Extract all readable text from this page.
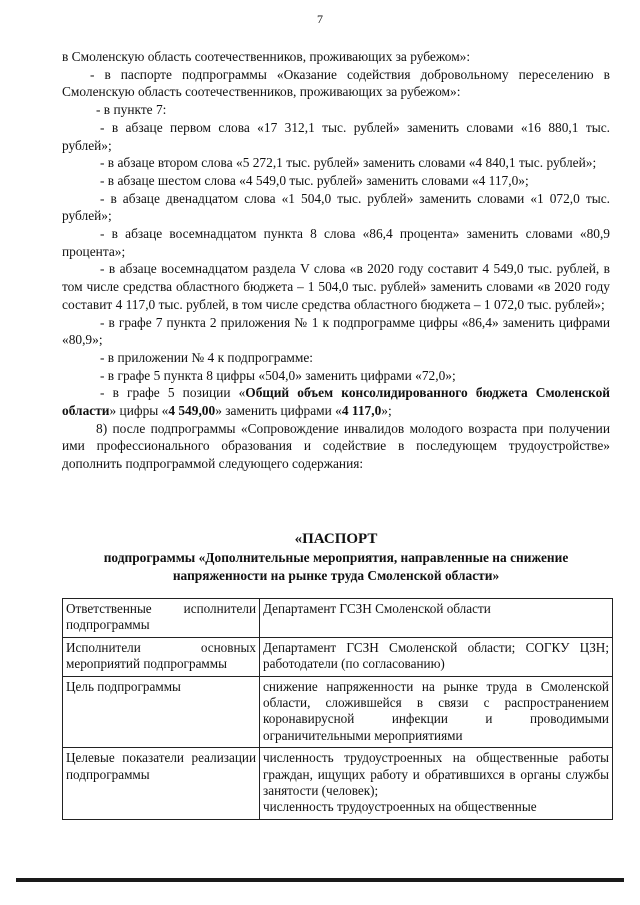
7

в Смоленскую область соотечественников, проживающих за рубежом»:

- в паспорте подпрограммы «Оказание содействия добровольному переселению в Смоленскую область соотечественников, проживающих за рубежом»:

- в пункте 7:

- в абзаце первом слова «17 312,1 тыс. рублей» заменить словами «16 880,1 тыс. рублей»;

- в абзаце втором слова «5 272,1 тыс. рублей» заменить словами «4 840,1 тыс. рублей»;

- в абзаце шестом слова «4 549,0 тыс. рублей» заменить словами «4 117,0»;

- в абзаце двенадцатом слова «1 504,0 тыс. рублей» заменить словами «1 072,0 тыс. рублей»;

- в абзаце восемнадцатом пункта 8 слова «86,4 процента» заменить словами «80,9 процента»;

- в абзаце восемнадцатом раздела V слова «в 2020 году составит 4 549,0 тыс. рублей, в том числе средства областного бюджета – 1 504,0 тыс. рублей» заменить словами «в 2020 году составит 4 117,0 тыс. рублей, в том числе средства областного бюджета – 1 072,0 тыс. рублей»;

- в графе 7 пункта 2 приложения № 1 к подпрограмме цифры «86,4» заменить цифрами «80,9»;

- в приложении № 4 к подпрограмме:

- в графе 5 пункта 8 цифры «504,0» заменить цифрами «72,0»;

- в графе 5 позиции «Общий объем консолидированного бюджета Смоленской области» цифры «4 549,00» заменить цифрами «4 117,0»;

8) после подпрограммы «Сопровождение инвалидов молодого возраста при получении ими профессионального образования и содействие в последующем трудоустройстве» дополнить подпрограммой следующего содержания:

«ПАСПОРТ
подпрограммы «Дополнительные мероприятия, направленные на снижение напряженности на рынке труда Смоленской области»
Ответственные исполнители подпрограммы	Департамент ГСЗН Смоленской области
Исполнители основных мероприятий подпрограммы	Департамент ГСЗН Смоленской области; СОГКУ ЦЗН; работодатели (по согласованию)
Цель подпрограммы	снижение напряженности на рынке труда в Смоленской области, сложившейся в связи с распространением коронавирусной инфекции и проводимыми ограничительными мероприятиями
Целевые показатели реализации подпрограммы	численность трудоустроенных на общественные работы граждан, ищущих работу и обратившихся в органы службы занятости (человек);
численность трудоустроенных на общественные
